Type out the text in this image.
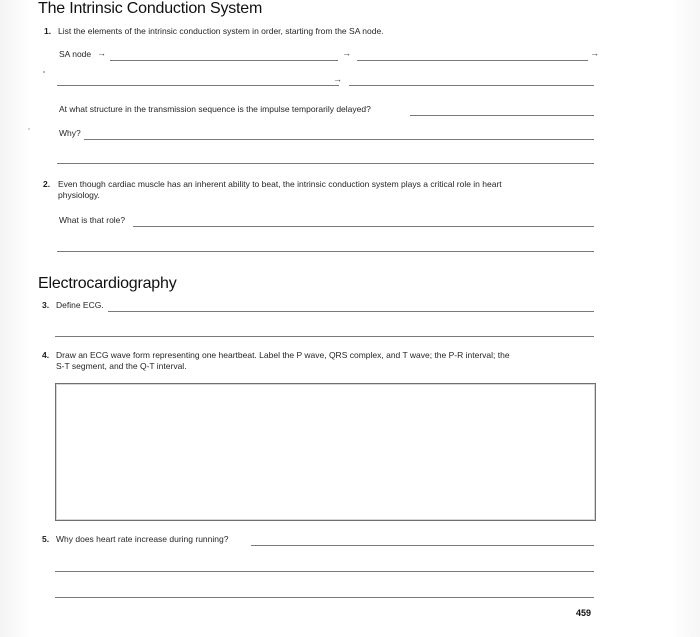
The Intrinsic Conduction System
1. List the elements of the intrinsic conduction system in order, starting from the SA node.
SA node →	→	→
→
At what structure in the transmission sequence is the impulse temporarily delayed?
Why?
2. Even though cardiac muscle has an inherent ability to beat, the intrinsic conduction system plays a critical role in heart
physiology.
What is that role?
Electrocardiography
3. Define ECG.
4. Draw an ECG wave form representing one heartbeat. Label the P wave, QRS complex, and T wave; the P-R interval; the
S-T segment, and the Q-T interval.
5. Why does heart rate increase during running?
459
